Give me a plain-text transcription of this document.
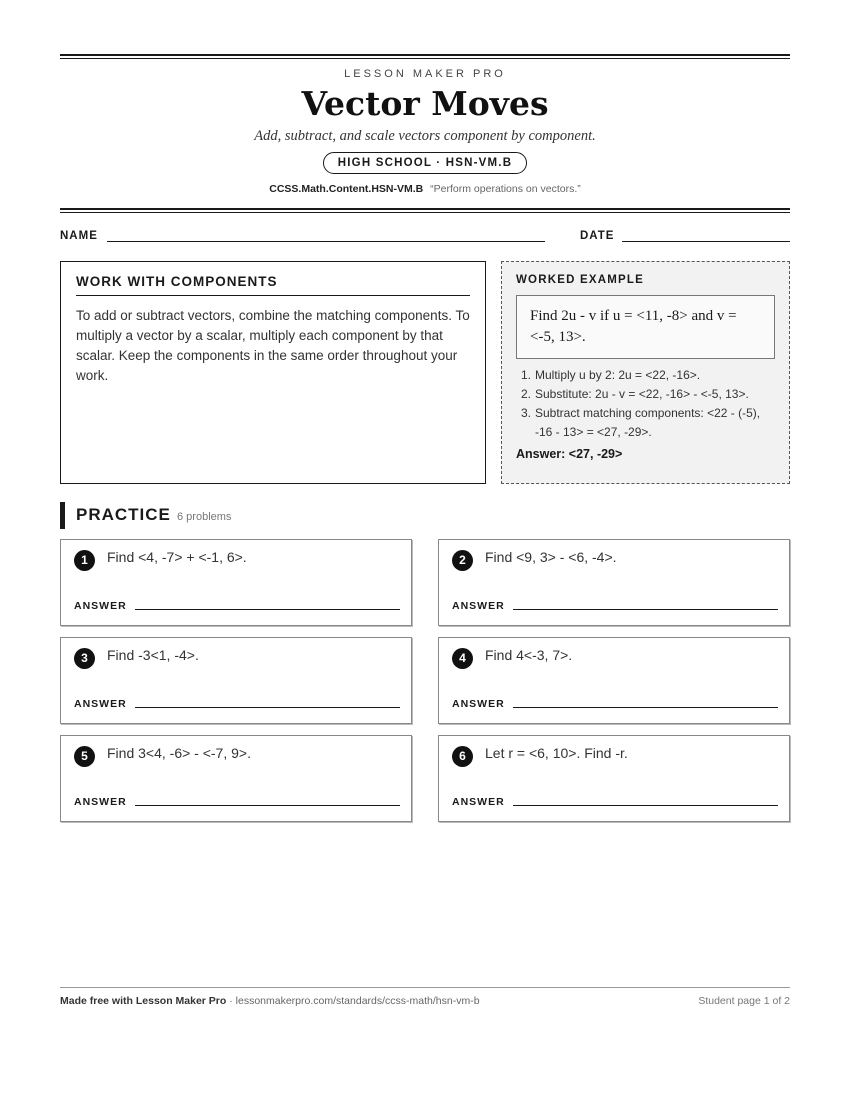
LESSON MAKER PRO
Vector Moves
Add, subtract, and scale vectors component by component.
HIGH SCHOOL · HSN-VM.B
CCSS.Math.Content.HSN-VM.B “Perform operations on vectors.”
NAME	DATE
WORK WITH COMPONENTS
To add or subtract vectors, combine the matching components. To multiply a vector by a scalar, multiply each component by that scalar. Keep the components in the same order throughout your work.
WORKED EXAMPLE
Find 2u - v if u = <11, -8> and v = <-5, 13>.
1. Multiply u by 2: 2u = <22, -16>.
2. Substitute: 2u - v = <22, -16> - <-5, 13>.
3. Subtract matching components: <22 - (-5), -16 - 13> = <27, -29>.
Answer: <27, -29>
PRACTICE 6 problems
1	Find <4, -7> + <-1, 6>.
ANSWER
2	Find <9, 3> - <6, -4>.
ANSWER
3	Find -3<1, -4>.
ANSWER
4	Find 4<-3, 7>.
ANSWER
5	Find 3<4, -6> - <-7, 9>.
ANSWER
6	Let r = <6, 10>. Find -r.
ANSWER
Made free with Lesson Maker Pro · lessonmakerpro.com/standards/ccss-math/hsn-vm-b	Student page 1 of 2
